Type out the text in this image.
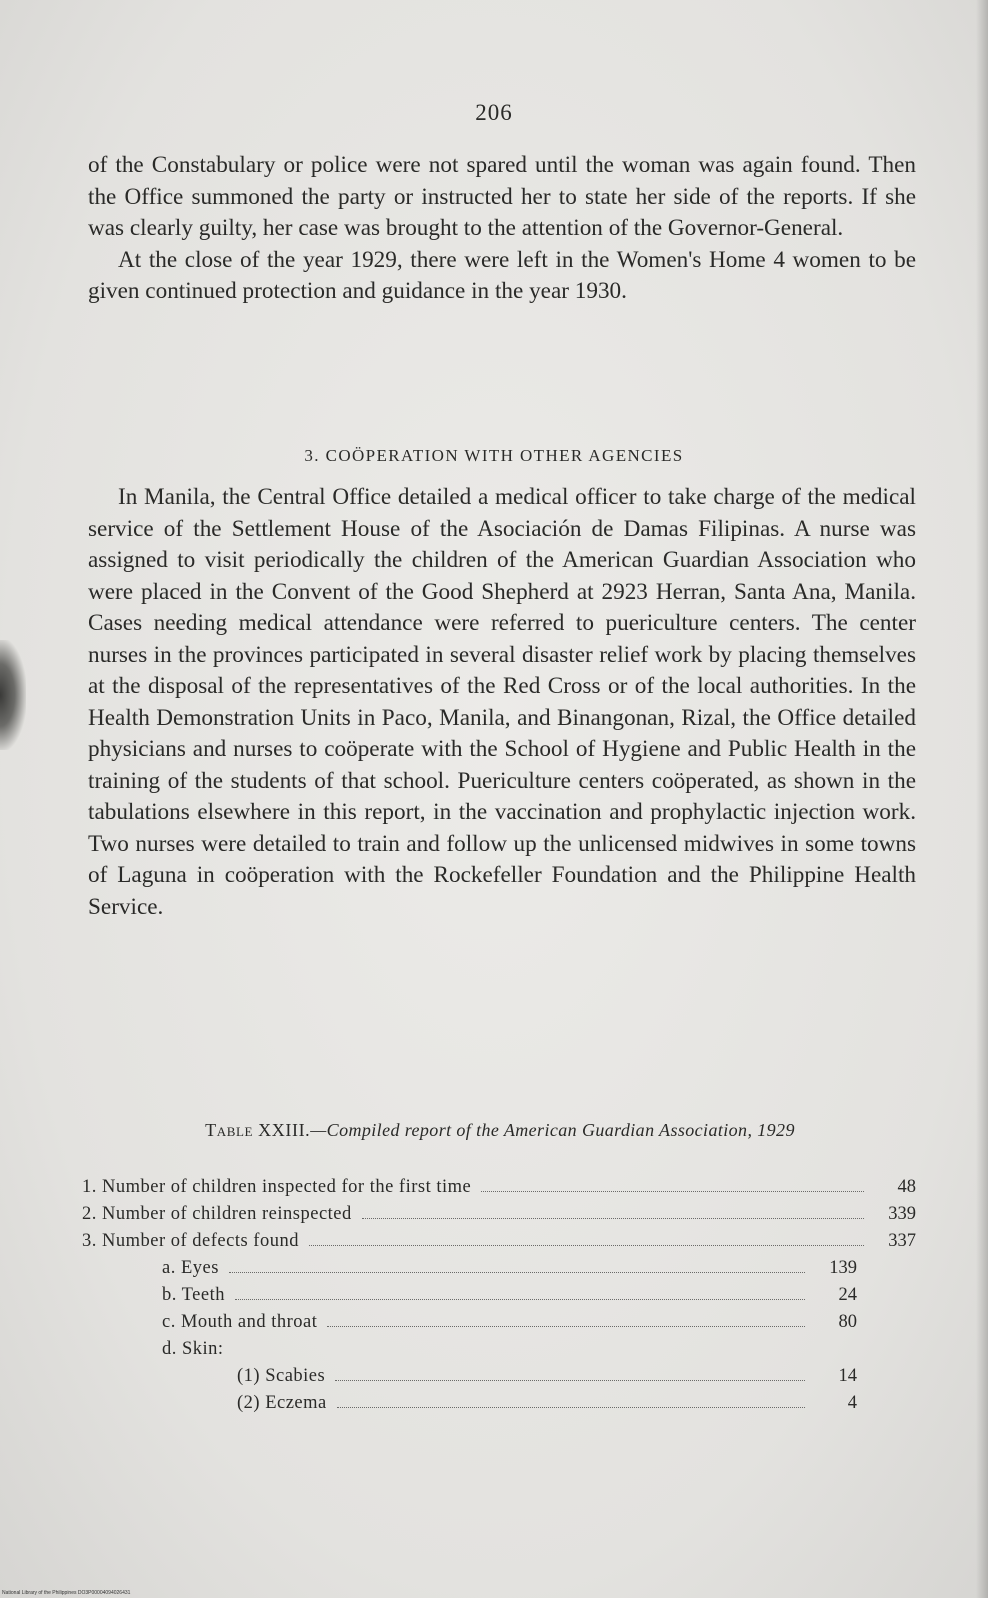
206

of the Constabulary or police were not spared until the woman was again found. Then the Office summoned the party or instructed her to state her side of the reports. If she was clearly guilty, her case was brought to the attention of the Governor-General.

At the close of the year 1929, there were left in the Women's Home 4 women to be given continued protection and guidance in the year 1930.

3. COÖPERATION WITH OTHER AGENCIES

In Manila, the Central Office detailed a medical officer to take charge of the medical service of the Settlement House of the Asociación de Damas Filipinas. A nurse was assigned to visit periodically the children of the American Guardian Association who were placed in the Convent of the Good Shepherd at 2923 Herran, Santa Ana, Manila. Cases needing medical attendance were referred to puericulture centers. The center nurses in the provinces participated in several disaster relief work by placing themselves at the disposal of the representatives of the Red Cross or of the local authorities. In the Health Demonstration Units in Paco, Manila, and Binangonan, Rizal, the Office detailed physicians and nurses to coöperate with the School of Hygiene and Public Health in the training of the students of that school. Puericulture centers coöperated, as shown in the tabulations elsewhere in this report, in the vaccination and prophylactic injection work. Two nurses were detailed to train and follow up the unlicensed midwives in some towns of Laguna in coöperation with the Rockefeller Foundation and the Philippine Health Service.

Table XXIII.—Compiled report of the American Guardian Association, 1929
1. Number of children inspected for the first time	48
2. Number of children reinspected	339
3. Number of defects found	337
a. Eyes	139
b. Teeth	24
c. Mouth and throat	80
d. Skin:
(1) Scabies	14
(2) Eczema	4
National Library of the Philippines DO3P00004094026431
